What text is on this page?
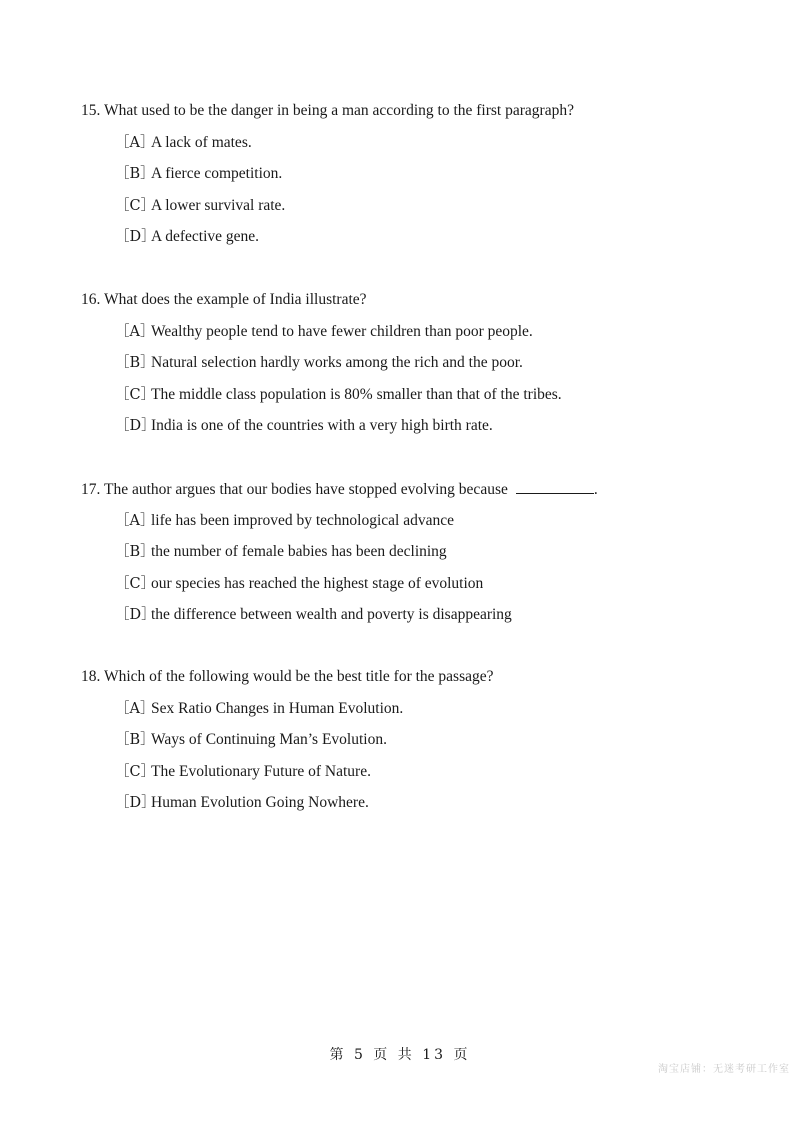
15. What used to be the danger in being a man according to the first paragraph?
［A］A lack of mates.
［B］A fierce competition.
［C］A lower survival rate.
［D］A defective gene.
16. What does the example of India illustrate?
［A］Wealthy people tend to have fewer children than poor people.
［B］Natural selection hardly works among the rich and the poor.
［C］The middle class population is 80% smaller than that of the tribes.
［D］India is one of the countries with a very high birth rate.
17. The author argues that our bodies have stopped evolving because	.
［A］life has been improved by technological advance
［B］the number of female babies has been declining
［C］our species has reached the highest stage of evolution
［D］the difference between wealth and poverty is disappearing
18. Which of the following would be the best title for the passage?
［A］Sex Ratio Changes in Human Evolution.
［B］Ways of Continuing Man’s Evolution.
［C］The Evolutionary Future of Nature.
［D］Human Evolution Going Nowhere.
第 5 页 共 13 页
淘宝店铺：无迷考研工作室
